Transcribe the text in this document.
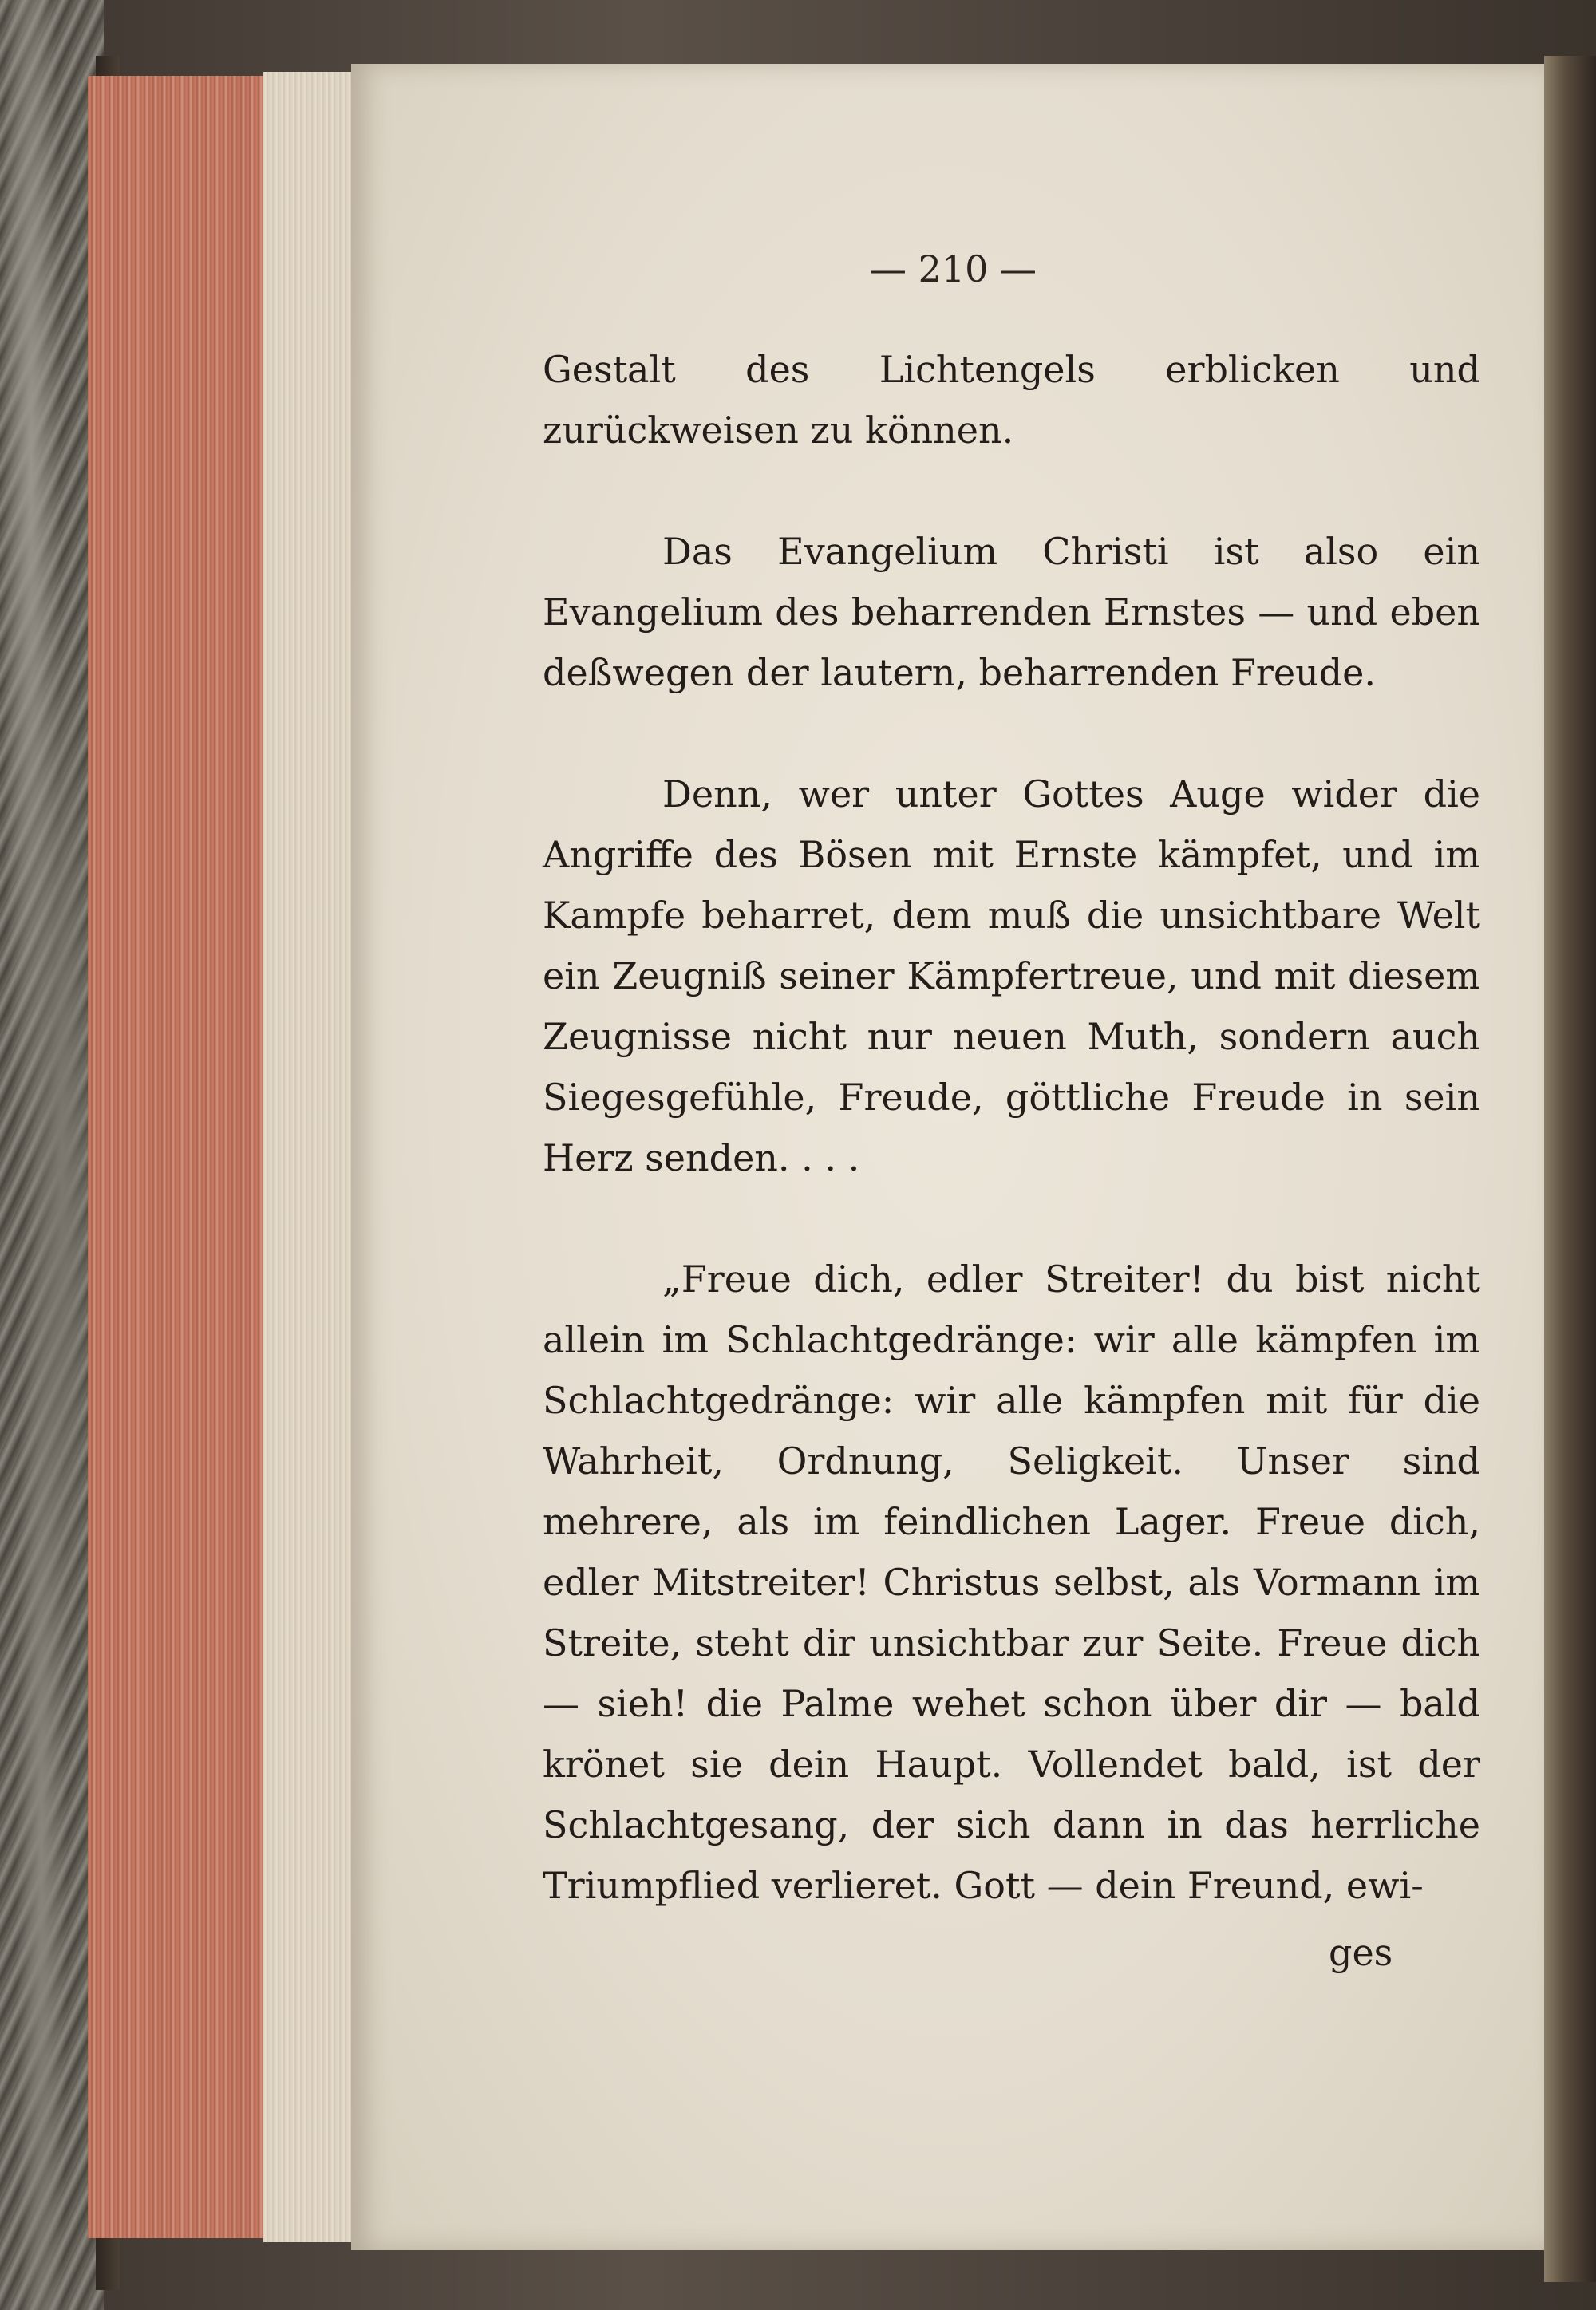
— 210 —

Gestalt des Lichtengels erblicken und zurückweisen zu können.

Das Evangelium Christi ist also ein Evangelium des beharrenden Ernstes — und eben deßwegen der lautern, beharrenden Freude.

Denn, wer unter Gottes Auge wider die Angriffe des Bösen mit Ernste kämpfet, und im Kampfe beharret, dem muß die unsichtbare Welt ein Zeugniß seiner Kämpfertreue, und mit diesem Zeugnisse nicht nur neuen Muth, sondern auch Siegesgefühle, Freude, göttliche Freude in sein Herz senden. . . .

„Freue dich, edler Streiter! du bist nicht allein im Schlachtgedränge: wir alle kämpfen im Schlachtgedränge: wir alle kämpfen mit für die Wahrheit, Ordnung, Seligkeit. Unser sind mehrere, als im feindlichen Lager. Freue dich, edler Mitstreiter! Christus selbst, als Vormann im Streite, steht dir unsichtbar zur Seite. Freue dich — sieh! die Palme wehet schon über dir — bald krönet sie dein Haupt. Vollendet bald, ist der Schlachtgesang, der sich dann in das herrliche Triumpflied verlieret. Gott — dein Freund, ewi-

ges
